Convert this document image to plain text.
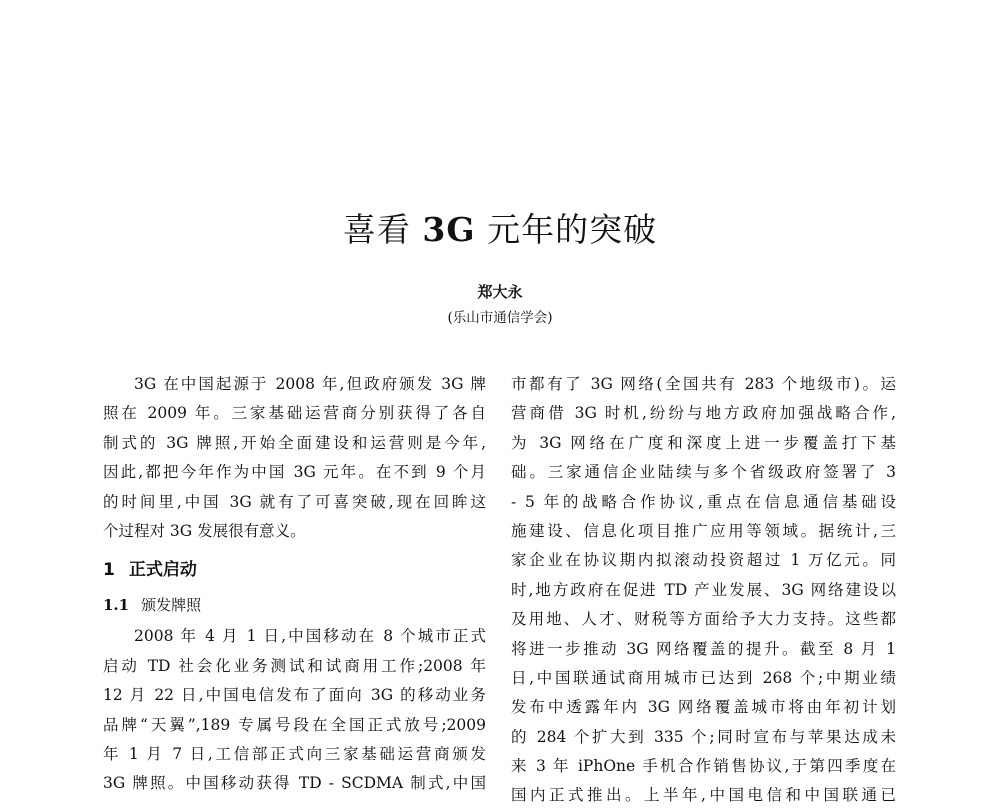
喜看 3G 元年的突破
郑大永
(乐山市通信学会)
3G 在中国起源于 2008 年,但政府颁发 3G 牌
照在 2009 年。三家基础运营商分别获得了各自
制式的 3G 牌照,开始全面建设和运营则是今年,
因此,都把今年作为中国 3G 元年。在不到 9 个月
的时间里,中国 3G 就有了可喜突破,现在回眸这
个过程对 3G 发展很有意义。
1 正式启动
1.1 颁发牌照
2008 年 4 月 1 日,中国移动在 8 个城市正式
启动 TD 社会化业务测试和试商用工作;2008 年
12 月 22 日,中国电信发布了面向 3G 的移动业务
品牌“天翼”,189 专属号段在全国正式放号;2009
年 1 月 7 日,工信部正式向三家基础运营商颁发
3G 牌照。中国移动获得 TD - SCDMA 制式,中国
市都有了 3G 网络(全国共有 283 个地级市)。运
营商借 3G 时机,纷纷与地方政府加强战略合作,
为 3G 网络在广度和深度上进一步覆盖打下基
础。三家通信企业陆续与多个省级政府签署了 3
- 5 年的战略合作协议,重点在信息通信基础设
施建设、信息化项目推广应用等领域。据统计,三
家企业在协议期内拟滚动投资超过 1 万亿元。同
时,地方政府在促进 TD 产业发展、3G 网络建设以
及用地、人才、财税等方面给予大力支持。这些都
将进一步推动 3G 网络覆盖的提升。截至 8 月 1
日,中国联通试商用城市已达到 268 个;中期业绩
发布中透露年内 3G 网络覆盖城市将由年初计划
的 284 个扩大到 335 个;同时宣布与苹果达成未
来 3 年 iPhOne 手机合作销售协议,于第四季度在
国内正式推出。上半年,中国电信和中国联通已
